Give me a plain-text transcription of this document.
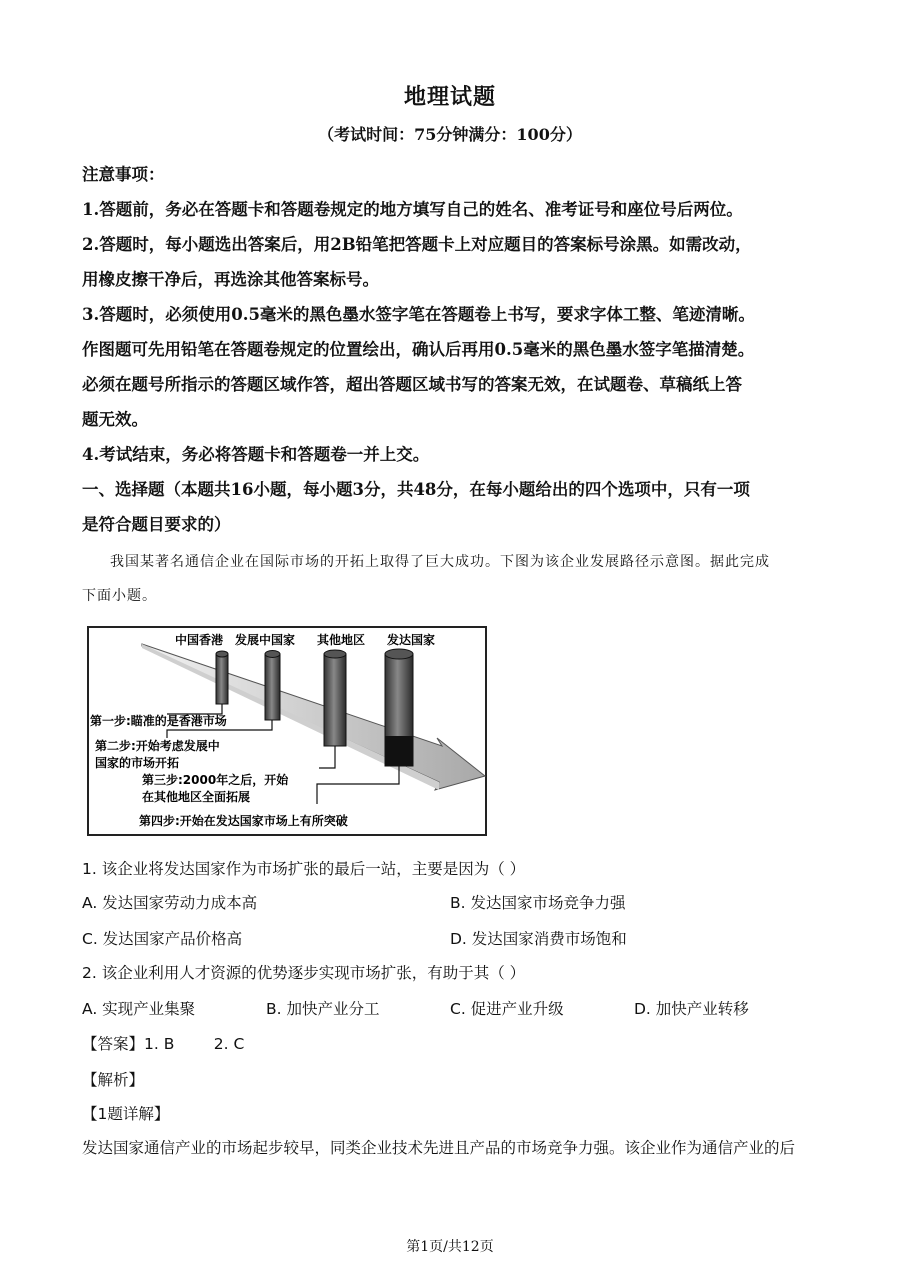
地理试题
（考试时间：75分钟满分：100分）

注意事项：

1.答题前，务必在答题卡和答题卷规定的地方填写自己的姓名、准考证号和座位号后两位。

2.答题时，每小题选出答案后，用2B铅笔把答题卡上对应题目的答案标号涂黑。如需改动，

用橡皮擦干净后，再选涂其他答案标号。

3.答题时，必须使用0.5毫米的黑色墨水签字笔在答题卷上书写，要求字体工整、笔迹清晰。

作图题可先用铅笔在答题卷规定的位置绘出，确认后再用0.5毫米的黑色墨水签字笔描清楚。

必须在题号所指示的答题区域作答，超出答题区域书写的答案无效，在试题卷、草稿纸上答

题无效。

4.考试结束，务必将答题卡和答题卷一并上交。

一、选择题（本题共16小题，每小题3分，共48分，在每小题给出的四个选项中，只有一项

是符合题目要求的）

我国某著名通信企业在国际市场的开拓上取得了巨大成功。下图为该企业发展路径示意图。据此完成

下面小题。

中国香港 发展中国家 其他地区 发达国家
第一步:瞄准的是香港市场
第二步:开始考虑发展中
国家的市场开拓
第三步:2000年之后，开始
在其他地区全面拓展
第四步:开始在发达国家市场上有所突破
1. 该企业将发达国家作为市场扩张的最后一站，主要是因为（ ）
A. 发达国家劳动力成本高	B. 发达国家市场竞争力强
C. 发达国家产品价格高	D. 发达国家消费市场饱和
2. 该企业利用人才资源的优势逐步实现市场扩张，有助于其（ ）
A. 实现产业集聚	B. 加快产业分工	C. 促进产业升级	D. 加快产业转移
【答案】1. B        2. C
【解析】
【1题详解】
发达国家通信产业的市场起步较早，同类企业技术先进且产品的市场竞争力强。该企业作为通信产业的后
第1页/共12页
